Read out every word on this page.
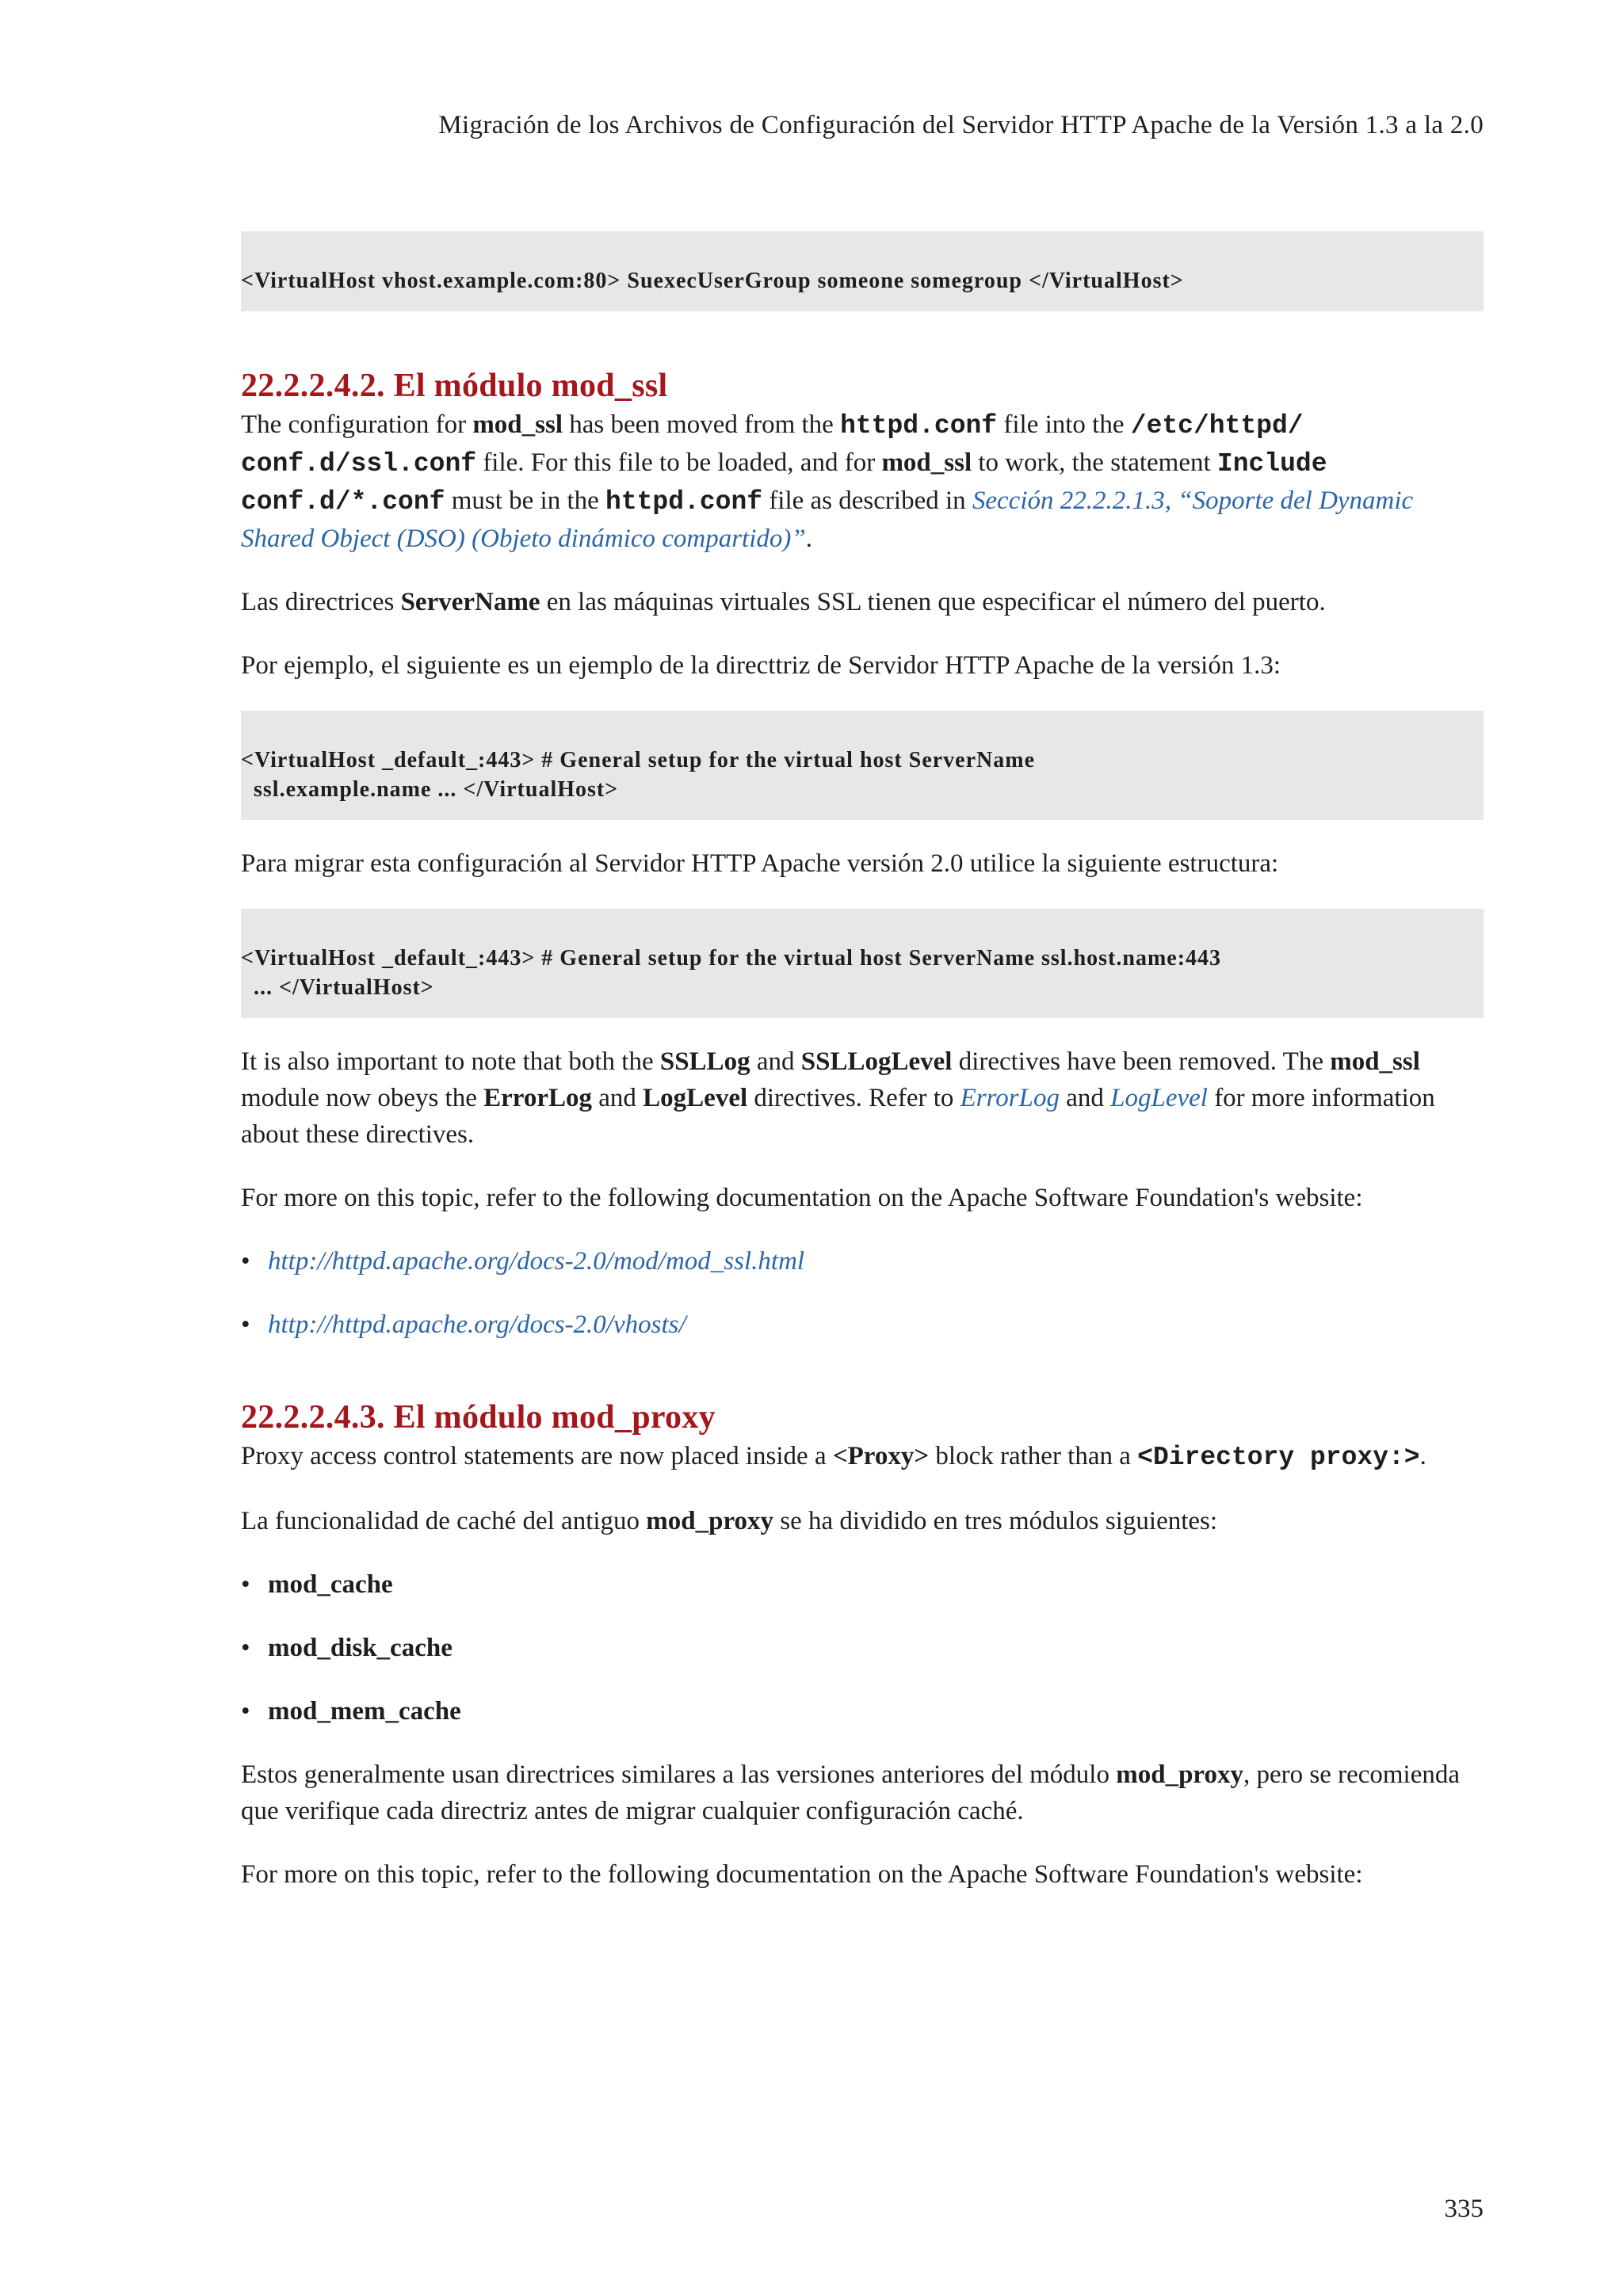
Migración de los Archivos de Configuración del Servidor HTTP Apache de la Versión 1.3 a la 2.0
<VirtualHost vhost.example.com:80> SuexecUserGroup someone somegroup </VirtualHost>
22.2.2.4.2. El módulo mod_ssl

The configuration for mod_ssl has been moved from the httpd.conf file into the /etc/httpd/ conf.d/ssl.conf file. For this file to be loaded, and for mod_ssl to work, the statement Include conf.d/*.conf must be in the httpd.conf file as described in Sección 22.2.2.1.3, “Soporte del Dynamic Shared Object (DSO) (Objeto dinámico compartido)”.

Las directrices ServerName en las máquinas virtuales SSL tienen que especificar el número del puerto.

Por ejemplo, el siguiente es un ejemplo de la directtriz de Servidor HTTP Apache de la versión 1.3:

<VirtualHost _default_:443> # General setup for the virtual host ServerName
ssl.example.name ... </VirtualHost>

Para migrar esta configuración al Servidor HTTP Apache versión 2.0 utilice la siguiente estructura:

<VirtualHost _default_:443> # General setup for the virtual host ServerName ssl.host.name:443
... </VirtualHost>

It is also important to note that both the SSLLog and SSLLogLevel directives have been removed. The mod_ssl module now obeys the ErrorLog and LogLevel directives. Refer to ErrorLog and LogLevel for more information about these directives.

For more on this topic, refer to the following documentation on the Apache Software Foundation's website:

• http://httpd.apache.org/docs-2.0/mod/mod_ssl.html
• http://httpd.apache.org/docs-2.0/vhosts/
22.2.2.4.3. El módulo mod_proxy

Proxy access control statements are now placed inside a <Proxy> block rather than a <Directory proxy:>.

La funcionalidad de caché del antiguo mod_proxy se ha dividido en tres módulos siguientes:

• mod_cache
• mod_disk_cache
• mod_mem_cache

Estos generalmente usan directrices similares a las versiones anteriores del módulo mod_proxy, pero se recomienda que verifique cada directriz antes de migrar cualquier configuración caché.

For more on this topic, refer to the following documentation on the Apache Software Foundation's website:

335
